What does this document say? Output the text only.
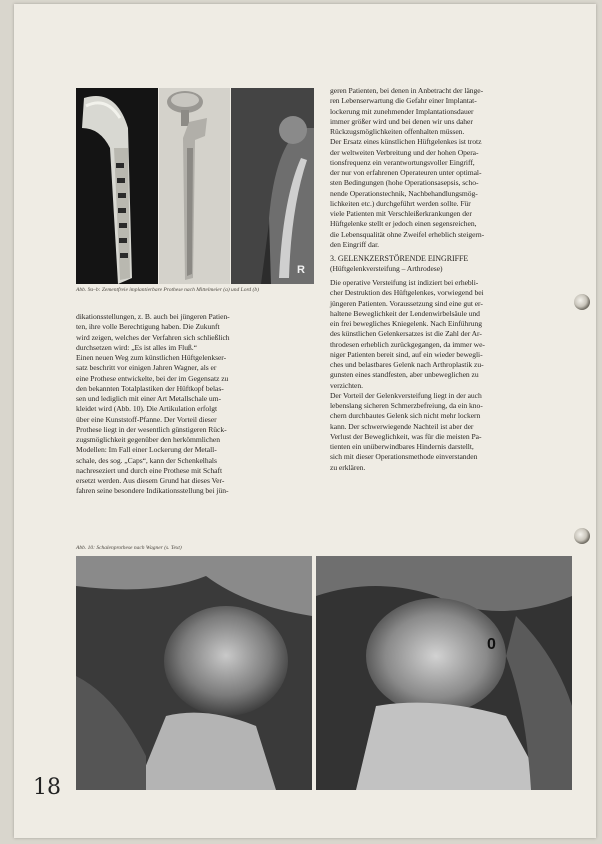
R
Abb. 9a–b: Zementfreie implantierbare Prothese nach Mittelmeier (a) und Lord (b)

dikationsstellungen, z. B. auch bei jüngeren Patien-

ten, ihre volle Berechtigung haben. Die Zukunft

wird zeigen, welches der Verfahren sich schließlich

durchsetzen wird: „Es ist alles im Fluß.“

Einen neuen Weg zum künstlichen Hüftgelenkser-

satz beschritt vor einigen Jahren Wagner, als er

eine Prothese entwickelte, bei der im Gegensatz zu

den bekannten Totalplastiken der Hüftkopf belas-

sen und lediglich mit einer Art Metallschale um-

kleidet wird (Abb. 10). Die Artikulation erfolgt

über eine Kunststoff-Pfanne. Der Vorteil dieser

Prothese liegt in der wesentlich günstigeren Rück-

zugsmöglichkeit gegenüber den herkömmlichen

Modellen: Im Fall einer Lockerung der Metall-

schale, des sog. „Caps“, kann der Schenkelhals

nachreseziert und durch eine Prothese mit Schaft

ersetzt werden. Aus diesem Grund hat dieses Ver-

fahren seine besondere Indikationsstellung bei jün-

geren Patienten, bei denen in Anbetracht der länge-

ren Lebenserwartung die Gefahr einer Implantat-

lockerung mit zunehmender Implantationsdauer

immer größer wird und bei denen wir uns daher

Rückzugsmöglichkeiten offenhalten müssen.

Der Ersatz eines künstlichen Hüftgelenkes ist trotz

der weltweiten Verbreitung und der hohen Opera-

tionsfrequenz ein verantwortungsvoller Eingriff,

der nur von erfahrenen Operateuren unter optimal-

sten Bedingungen (hohe Operationsasepsis, scho-

nende Operationstechnik, Nachbehandlungsmög-

lichkeiten etc.) durchgeführt werden sollte. Für

viele Patienten mit Verschleißerkrankungen der

Hüftgelenke stellt er jedoch einen segensreichen,

die Lebensqualität ohne Zweifel erheblich steigern-

den Eingriff dar.

3. GELENKZERSTÖRENDE EINGRIFFE

(Hüftgelenkversteifung – Arthrodese)

Die operative Versteifung ist indiziert bei erhebli-

cher Destruktion des Hüftgelenkes, vorwiegend bei

jüngeren Patienten. Voraussetzung sind eine gut er-

haltene Beweglichkeit der Lendenwirbelsäule und

ein frei bewegliches Kniegelenk. Nach Einführung

des künstlichen Gelenkersatzes ist die Zahl der Ar-

throdesen erheblich zurückgegangen, da immer we-

niger Patienten bereit sind, auf ein wieder bewegli-

ches und belastbares Gelenk nach Arthroplastik zu-

gunsten eines standfesten, aber unbeweglichen zu

verzichten.

Der Vorteil der Gelenkversteifung liegt in der auch

lebenslang sicheren Schmerzbefreiung, da ein kno-

chern durchbautes Gelenk sich nicht mehr lockern

kann. Der schwerwiegende Nachteil ist aber der

Verlust der Beweglichkeit, was für die meisten Pa-

tienten ein unüberwindbares Hindernis darstellt,

sich mit dieser Operationsmethode einverstanden

zu erklären.

Abb. 10: Schalenprothese nach Wagner (s. Text)
0
18
